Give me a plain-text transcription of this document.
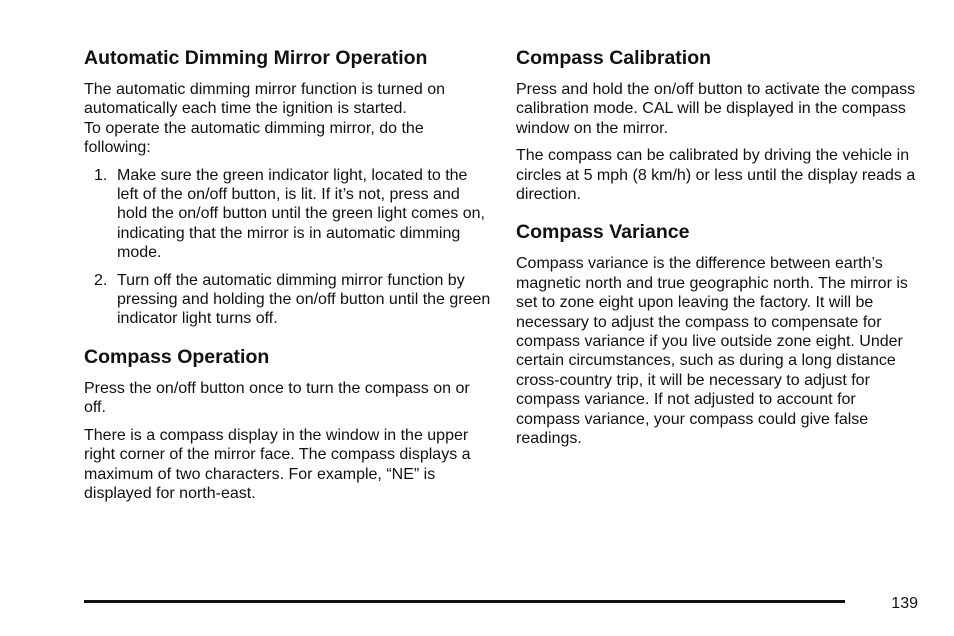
Automatic Dimming Mirror Operation

The automatic dimming mirror function is turned on automatically each time the ignition is started.

To operate the automatic dimming mirror, do the following:

1. Make sure the green indicator light, located to the left of the on/off button, is lit. If it’s not, press and hold the on/off button until the green light comes on, indicating that the mirror is in automatic dimming mode.
2. Turn off the automatic dimming mirror function by pressing and holding the on/off button until the green indicator light turns off.
Compass Operation

Press the on/off button once to turn the compass on or off.

There is a compass display in the window in the upper right corner of the mirror face. The compass displays a maximum of two characters. For example, “NE” is displayed for north-east.

Compass Calibration

Press and hold the on/off button to activate the compass calibration mode. CAL will be displayed in the compass window on the mirror.

The compass can be calibrated by driving the vehicle in circles at 5 mph (8 km/h) or less until the display reads a direction.

Compass Variance

Compass variance is the difference between earth’s magnetic north and true geographic north. The mirror is set to zone eight upon leaving the factory. It will be necessary to adjust the compass to compensate for compass variance if you live outside zone eight. Under certain circumstances, such as during a long distance cross-country trip, it will be necessary to adjust for compass variance. If not adjusted to account for compass variance, your compass could give false readings.

139
